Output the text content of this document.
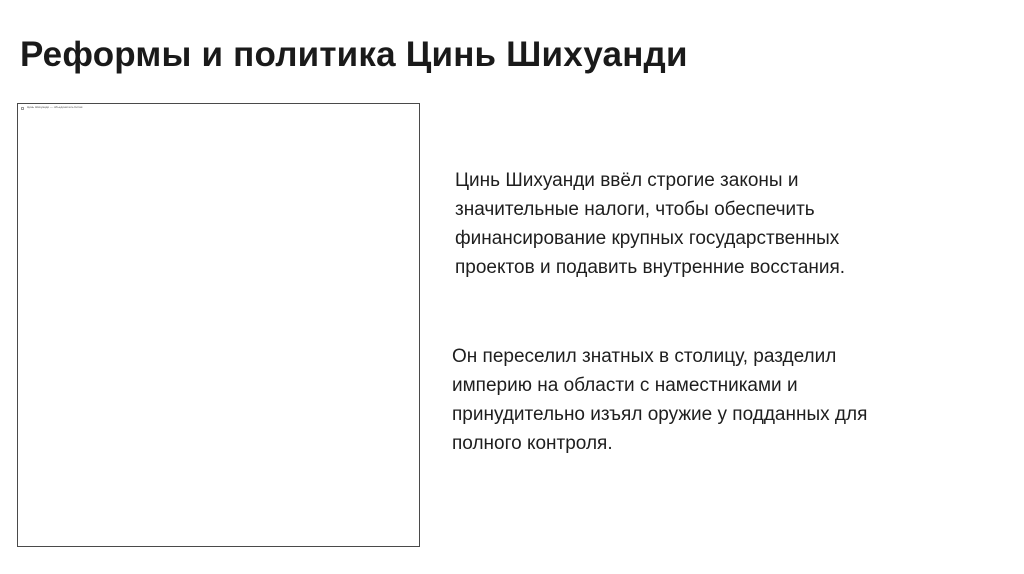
Реформы и политика Цинь Шихуанди
Цинь Шихуанди — объединитель Китая

Цинь Шихуанди ввёл строгие законы и
значительные налоги, чтобы обеспечить
финансирование крупных государственных
проектов и подавить внутренние восстания.

Он переселил знатных в столицу, разделил
империю на области с наместниками и
принудительно изъял оружие у подданных для
полного контроля.
